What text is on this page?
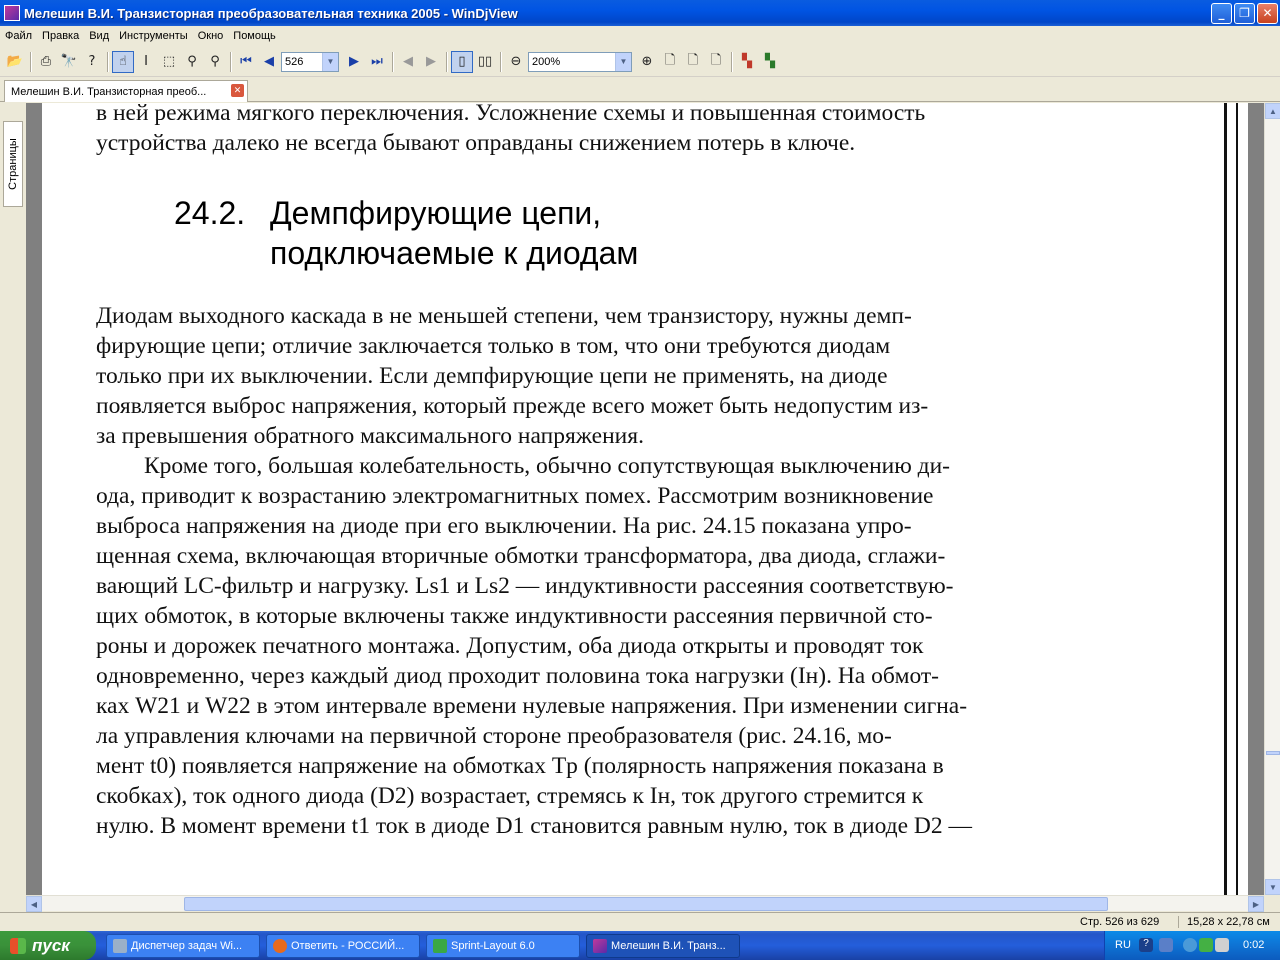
Мелешин В.И. Транзисторная преобразовательная техника 2005 - WinDjView	_	❐	✕
Файл Правка Вид Инструменты Окно Помощь
📂	⎙ 🔭 ?	☝	I	⬚ ⚲	⚲	⏮ ◀	526	▼	▶ ⏭	◀	▶	▯ ▯▯	⊖ 200%	▼	⊕ 🗋 🗋 🗋	▚	▚
Мелешин В.И. Транзисторная преоб...	✕
Страницы
в ней режима мягкого переключения. Усложнение схемы и повышенная стоимость
устройства далеко не всегда бывают оправданы снижением потерь в ключе.
24.2. Демпфирующие цепи,
подключаемые к диодам
Диодам выходного каскада в не меньшей степени, чем транзистору, нужны демп-
фирующие цепи; отличие заключается только в том, что они требуются диодам
только при их выключении. Если демпфирующие цепи не применять, на диоде
появляется выброс напряжения, который прежде всего может быть недопустим из-
за превышения обратного максимального напряжения.
Кроме того, большая колебательность, обычно сопутствующая выключению ди-
ода, приводит к возрастанию электромагнитных помех. Рассмотрим возникновение
выброса напряжения на диоде при его выключении. На рис. 24.15 показана упро-
щенная схема, включающая вторичные обмотки трансформатора, два диода, сглажи-
вающий LC-фильтр и нагрузку. Ls1 и Ls2 — индуктивности рассеяния соответствую-
щих обмоток, в которые включены также индуктивности рассеяния первичной сто-
роны и дорожек печатного монтажа. Допустим, оба диода открыты и проводят ток
одновременно, через каждый диод проходит половина тока нагрузки (Iн). На обмот-
ках W21 и W22 в этом интервале времени нулевые напряжения. При изменении сигна-
ла управления ключами на первичной стороне преобразователя (рис. 24.16, мо-
мент t0) появляется напряжение на обмотках Tp (полярность напряжения показана в
скобках), ток одного диода (D2) возрастает, стремясь к Iн, ток другого стремится к
нулю. В момент времени t1 ток в диоде D1 становится равным нулю, ток в диоде D2 —
▲
▼
◀	▶
Стр. 526 из 629	15,28 x 22,78 см
пуск	Диспетчер задач Wi...	Ответить - РОССИЙ...	Sprint-Layout 6.0	Мелешин В.И. Транз...	RU	?	0:02
